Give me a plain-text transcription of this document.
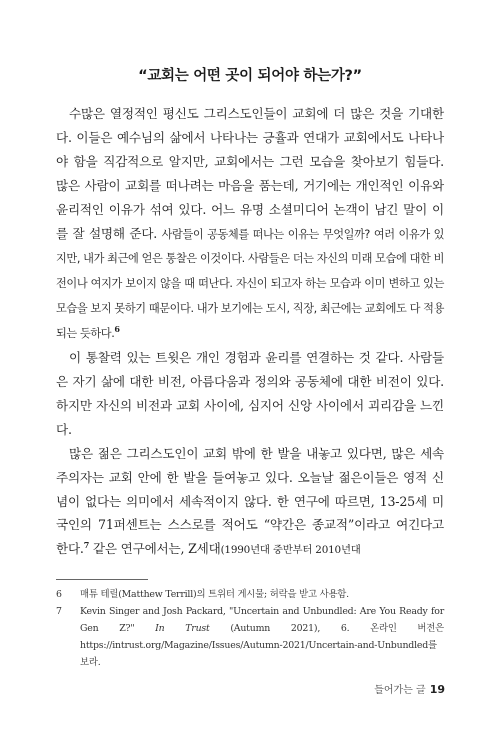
“교회는 어떤 곳이 되어야 하는가?”

수많은 열정적인 평신도 그리스도인들이 교회에 더 많은 것을 기대한다. 이들은 예수님의 삶에서 나타나는 긍휼과 연대가 교회에서도 나타나야 함을 직감적으로 알지만, 교회에서는 그런 모습을 찾아보기 힘들다. 많은 사람이 교회를 떠나려는 마음을 품는데, 거기에는 개인적인 이유와 윤리적인 이유가 섞여 있다. 어느 유명 소셜미디어 논객이 남긴 말이 이를 잘 설명해 준다. 사람들이 공동체를 떠나는 이유는 무엇일까? 여러 이유가 있지만, 내가 최근에 얻은 통찰은 이것이다. 사람들은 더는 자신의 미래 모습에 대한 비전이나 여지가 보이지 않을 때 떠난다. 자신이 되고자 하는 모습과 이미 변하고 있는 모습을 보지 못하기 때문이다. 내가 보기에는 도시, 직장, 최근에는 교회에도 다 적용되는 듯하다.$^6$

이 통찰력 있는 트윗은 개인 경험과 윤리를 연결하는 것 같다. 사람들은 자기 삶에 대한 비전, 아름다움과 정의와 공동체에 대한 비전이 있다. 하지만 자신의 비전과 교회 사이에, 심지어 신앙 사이에서 괴리감을 느낀다.

많은 젊은 그리스도인이 교회 밖에 한 발을 내놓고 있다면, 많은 세속주의자는 교회 안에 한 발을 들여놓고 있다. 오늘날 젊은이들은 영적 신념이 없다는 의미에서 세속적이지 않다. 한 연구에 따르면, 13-25세 미국인의 71퍼센트는 스스로를 적어도 “약간은 종교적”이라고 여긴다고 한다.$^7$ 같은 연구에서는, Z세대(1990년대 중반부터 2010년대

6	매튜 테릴(Matthew Terrill)의 트위터 게시물; 허락을 받고 사용함.
7	Kevin Singer and Josh Packard, "Uncertain and Unbundled: Are You Ready for Gen Z?" In Trust (Autumn 2021), 6. 온라인 버전은 https://intrust.org/Magazine/Issues/Autumn-2021/Uncertain-and-Unbundled를 보라.
들어가는 글 19
